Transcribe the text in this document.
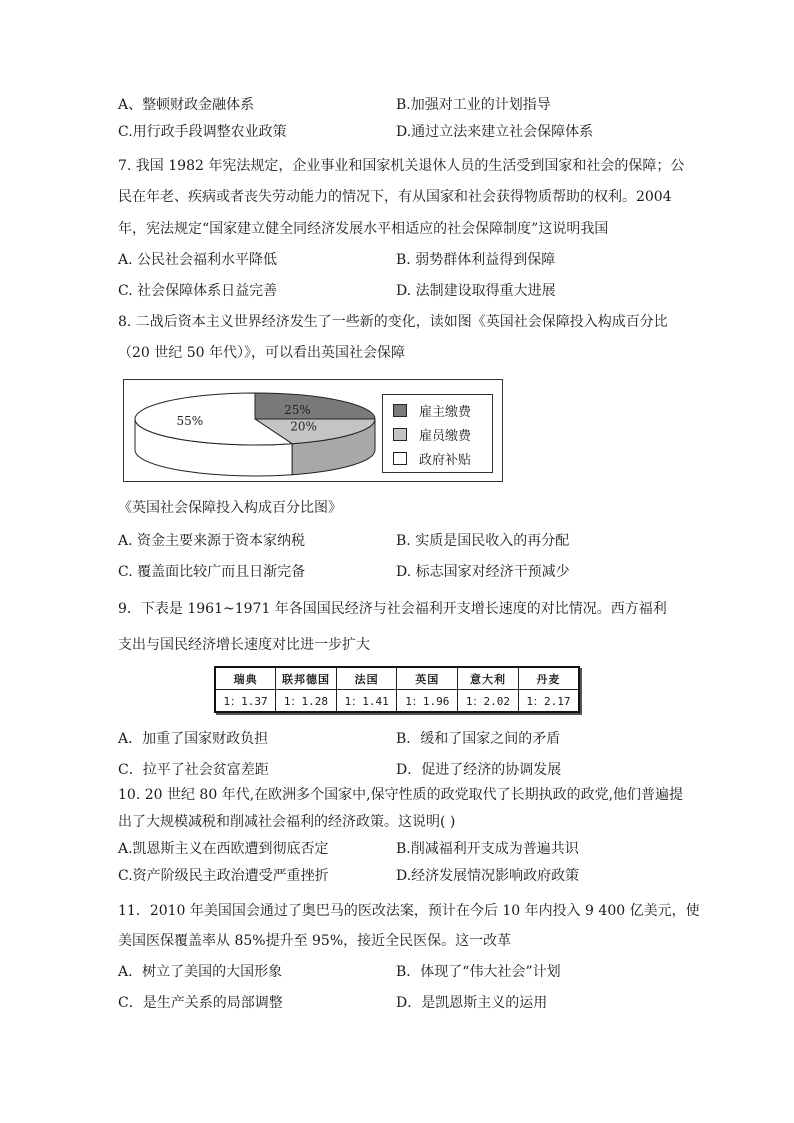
A、整顿财政金融体系	B.加强对工业的计划指导
C.用行政手段调整农业政策	D.通过立法来建立社会保障体系
7. 我国 1982 年宪法规定，企业事业和国家机关退休人员的生活受到国家和社会的保障；公
民在年老、疾病或者丧失劳动能力的情况下，有从国家和社会获得物质帮助的权利。2004
年，宪法规定“国家建立健全同经济发展水平相适应的社会保障制度”这说明我国
A. 公民社会福利水平降低	B. 弱势群体利益得到保障
C. 社会保障体系日益完善	D. 法制建设取得重大进展
8. 二战后资本主义世界经济发生了一些新的变化，读如图《英国社会保障投入构成百分比
（20 世纪 50 年代）》，可以看出英国社会保障
25%
20%
55%
雇主缴费
雇员缴费
政府补贴
《英国社会保障投入构成百分比图》
A. 资金主要来源于资本家纳税	B. 实质是国民收入的再分配
C. 覆盖面比较广而且日渐完备	D. 标志国家对经济干预减少
9．下表是 1961~1971 年各国国民经济与社会福利开支增长速度的对比情况。西方福利
支出与国民经济增长速度对比进一步扩大
瑞典	联邦德国	法国	英国	意大利	丹麦
1：1.37	1：1.28	1：1.41	1：1.96	1：2.02	1：2.17
A．加重了国家财政负担	B．缓和了国家之间的矛盾
C．拉平了社会贫富差距	D．促进了经济的协调发展
10. 20 世纪 80 年代,在欧洲多个国家中,保守性质的政党取代了长期执政的政党,他们普遍提
出了大规模减税和削减社会福利的经济政策。这说明( )
A.凯恩斯主义在西欧遭到彻底否定	B.削减福利开支成为普遍共识
C.资产阶级民主政治遭受严重挫折	D.经济发展情况影响政府政策
11．2010 年美国国会通过了奥巴马的医改法案，预计在今后 10 年内投入 9 400 亿美元，使
美国医保覆盖率从 85%提升至 95%，接近全民医保。这一改革
A．树立了美国的大国形象	B．体现了“伟大社会”计划
C．是生产关系的局部调整	D．是凯恩斯主义的运用
